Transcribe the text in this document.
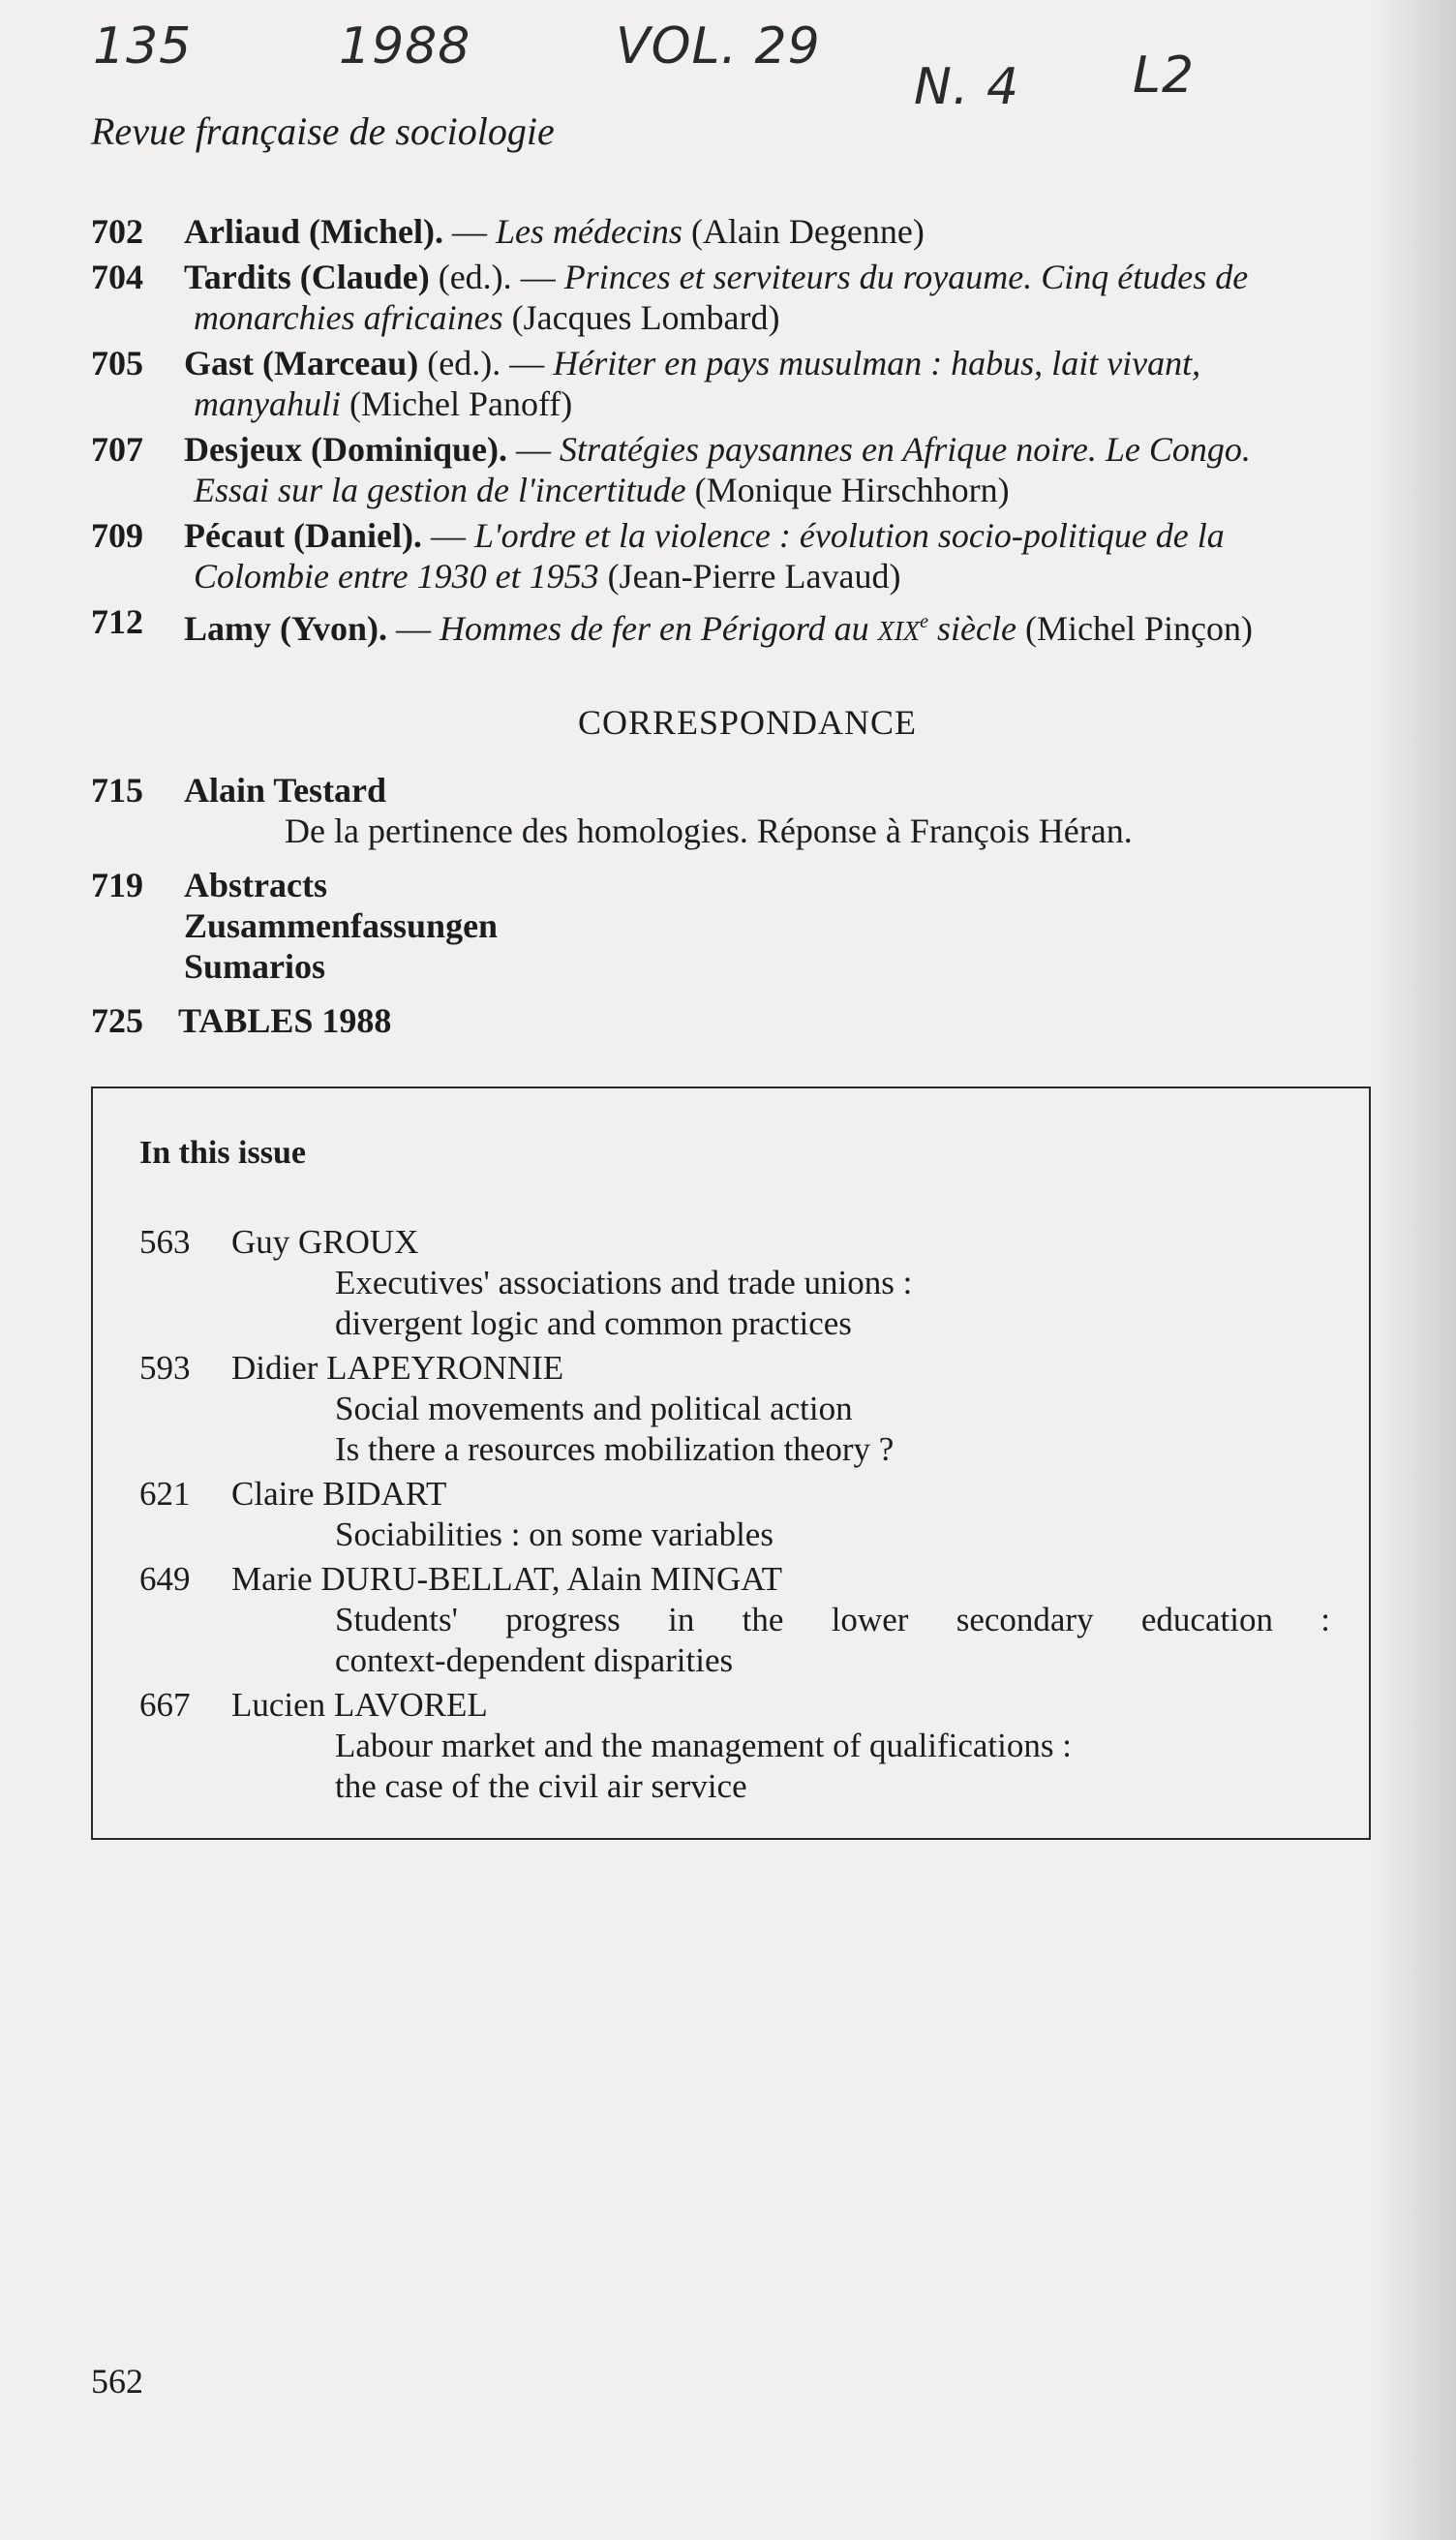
135	1988	VOL. 29
N. 4 L2
Revue française de sociologie
702	Arliaud (Michel). — Les médecins (Alain Degenne)
704	Tardits (Claude) (ed.). — Princes et serviteurs du royaume. Cinq études de
monarchies africaines (Jacques Lombard)
705	Gast (Marceau) (ed.). — Hériter en pays musulman : habus, lait vivant,
manyahuli (Michel Panoff)
707	Desjeux (Dominique). — Stratégies paysannes en Afrique noire. Le Congo.
Essai sur la gestion de l'incertitude (Monique Hirschhorn)
709	Pécaut (Daniel). — L'ordre et la violence : évolution socio-politique de la
Colombie entre 1930 et 1953 (Jean-Pierre Lavaud)
712	Lamy (Yvon). — Hommes de fer en Périgord au XIXe siècle (Michel Pinçon)
CORRESPONDANCE
715 Alain Testard
De la pertinence des homologies. Réponse à François Héran.
719 Abstracts
Zusammenfassungen
Sumarios
725 TABLES 1988
In this issue
563	Guy GROUX
Executives' associations and trade unions :
divergent logic and common practices
593	Didier LAPEYRONNIE
Social movements and political action
Is there a resources mobilization theory ?
621	Claire BIDART
Sociabilities : on some variables
649	Marie DURU-BELLAT, Alain MINGAT
Students' progress in the lower secondary education :
context-dependent disparities
667	Lucien LAVOREL
Labour market and the management of qualifications :
the case of the civil air service
562
